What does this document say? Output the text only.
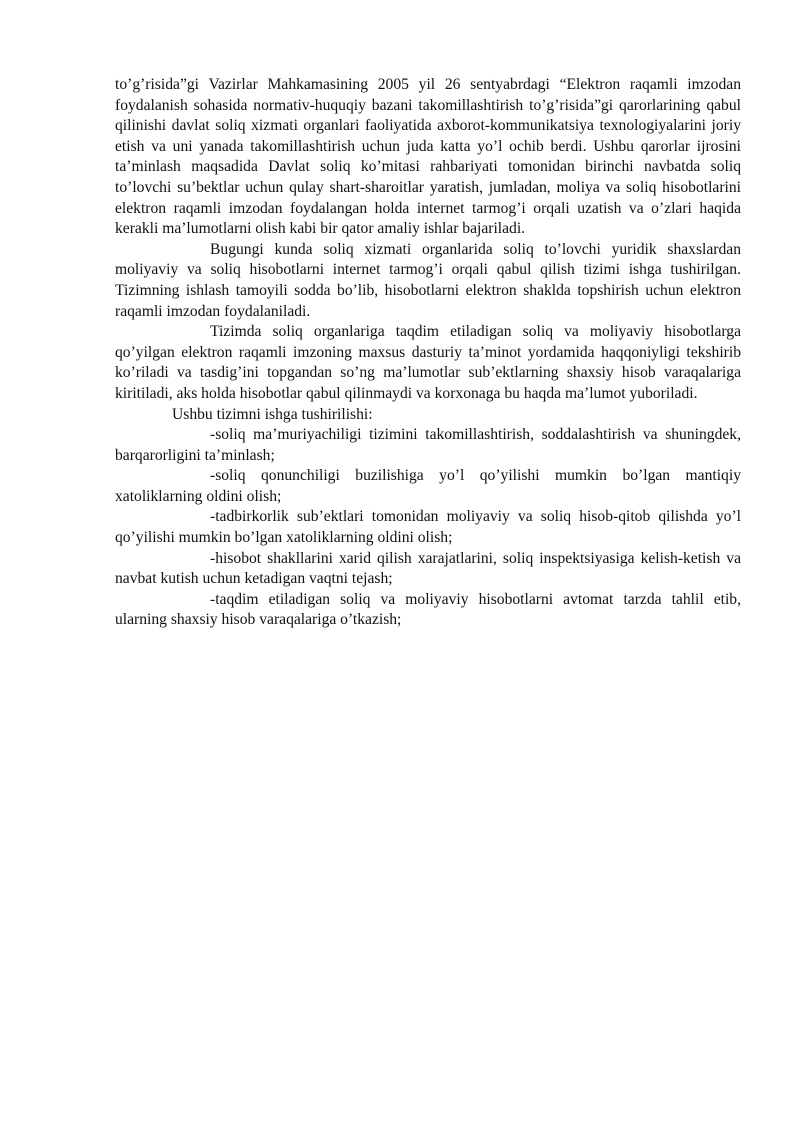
to’g’risida”gi Vazirlar Mahkamasining 2005 yil 26 sentyabrdagi “Elektron raqamli imzodan foydalanish sohasida normativ-huquqiy bazani takomillashtirish to’g’risida”gi qarorlarining qabul qilinishi davlat soliq xizmati organlari faoliyatida axborot-kommunikatsiya texnologiyalarini joriy etish va uni yanada takomillashtirish uchun juda katta yo’l ochib berdi. Ushbu qarorlar ijrosini ta’minlash maqsadida Davlat soliq ko’mitasi rahbariyati tomonidan birinchi navbatda soliq to’lovchi su’bektlar uchun qulay shart-sharoitlar yaratish, jumladan, moliya va soliq hisobotlarini elektron raqamli imzodan foydalangan holda internet tarmog’i orqali uzatish va o’zlari haqida kerakli ma’lumotlarni olish kabi bir qator amaliy ishlar bajariladi.

Bugungi kunda soliq xizmati organlarida soliq to’lovchi yuridik shaxslardan moliyaviy va soliq hisobotlarni internet tarmog’i orqali qabul qilish tizimi ishga tushirilgan. Tizimning ishlash tamoyili sodda bo’lib, hisobotlarni elektron shaklda topshirish uchun elektron raqamli imzodan foydalaniladi.

Tizimda soliq organlariga taqdim etiladigan soliq va moliyaviy hisobotlarga qo’yilgan elektron raqamli imzoning maxsus dasturiy ta’minot yordamida haqqoniyligi tekshirib ko’riladi va tasdig’ini topgandan so’ng ma’lumotlar sub’ektlarning shaxsiy hisob varaqalariga kiritiladi, aks holda hisobotlar qabul qilinmaydi va korxonaga bu haqda ma’lumot yuboriladi.

Ushbu tizimni ishga tushirilishi:

-soliq ma’muriyachiligi tizimini takomillashtirish, soddalashtirish va shuningdek, barqarorligini ta’minlash;

-soliq qonunchiligi buzilishiga yo’l qo’yilishi mumkin bo’lgan mantiqiy xatoliklarning oldini olish;

-tadbirkorlik sub’ektlari tomonidan moliyaviy va soliq hisob-qitob qilishda yo’l qo’yilishi mumkin bo’lgan xatoliklarning oldini olish;

-hisobot shakllarini xarid qilish xarajatlarini, soliq inspektsiyasiga kelish-ketish va navbat kutish uchun ketadigan vaqtni tejash;

-taqdim etiladigan soliq va moliyaviy hisobotlarni avtomat tarzda tahlil etib, ularning shaxsiy hisob varaqalariga o’tkazish;
